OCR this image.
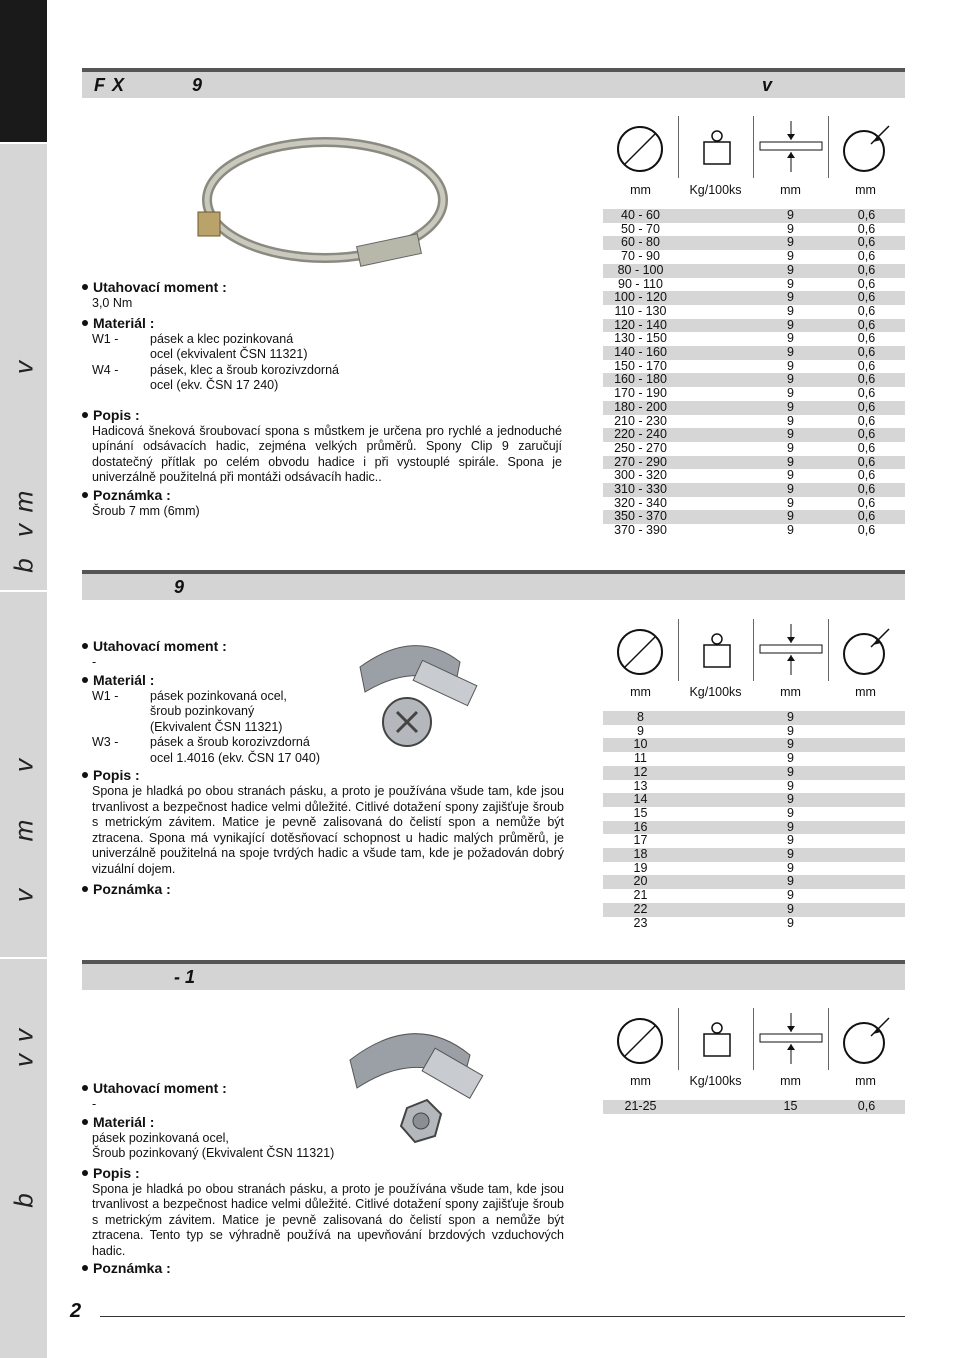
v
m
v
b
v
m
v
v
v
b
F X	9	v
Utahovací moment :
3,0 Nm
Materiál :
W1 -	pásek a klec pozinkovaná
ocel (ekvivalent ČSN 11321)
W4 -	pásek, klec a šroub korozivzdorná
ocel (ekv. ČSN 17 240)
Popis :
Hadicová šneková šroubovací spona s můstkem je určena pro rychlé a jednoduché upínání odsávacích hadic, zejména velkých průměrů. Spony Clip 9 zaručují dostatečný přítlak po celém obvodu hadice i při vystouplé spirále. Spona je univerzálně použitelná při montáži odsávacíh hadic..
Poznámka :
Šroub 7 mm (6mm)
mm	Kg/100ks	mm	mm
40 - 60		9	0,6
50 - 70		9	0,6
60 - 80		9	0,6
70 - 90		9	0,6
80 - 100		9	0,6
90 - 110		9	0,6
100 - 120		9	0,6
110 - 130		9	0,6
120 - 140		9	0,6
130 - 150		9	0,6
140 - 160		9	0,6
150 - 170		9	0,6
160 - 180		9	0,6
170 - 190		9	0,6
180 - 200		9	0,6
210 - 230		9	0,6
220 - 240		9	0,6
250 - 270		9	0,6
270 - 290		9	0,6
300 - 320		9	0,6
310 - 330		9	0,6
320 - 340		9	0,6
350 - 370		9	0,6
370 - 390		9	0,6
9
Utahovací moment :
-
Materiál :
W1 -	pásek pozinkovaná ocel,
šroub pozinkovaný
(Ekvivalent ČSN 11321)
W3 -	pásek a šroub korozivzdorná
ocel 1.4016 (ekv. ČSN 17 040)
Popis :
Spona je hladká po obou stranách pásku, a proto je používána všude tam, kde jsou trvanlivost a bezpečnost hadice velmi důležité. Citlivé dotažení spony zajišťuje šroub s metrickým závitem. Matice je pevně zalisovaná do čelistí spon a nemůže být ztracena. Spona má vynikající dotěsňovací schopnost u hadic malých průměrů, je univerzálně použitelná na spoje tvrdých hadic a všude tam, kde je požadován dobrý vizuální dojem.
Poznámka :
mm	Kg/100ks	mm	mm
8		9	
9		9	
10		9	
11		9	
12		9	
13		9	
14		9	
15		9	
16		9	
17		9	
18		9	
19		9	
20		9	
21		9	
22		9	
23		9	
- 1
Utahovací moment :
-
Materiál :
pásek pozinkovaná ocel,
Šroub pozinkovaný (Ekvivalent ČSN 11321)
Popis :
Spona je hladká po obou stranách pásku, a proto je používána všude tam, kde jsou trvanlivost a bezpečnost hadice velmi důležité. Citlivé dotažení spony zajišťuje šroub s metrickým závitem. Matice je pevně zalisovaná do čelistí spon a nemůže být ztracena. Tento typ se výhradně používá na upevňování brzdových vzduchových hadic.
Poznámka :
mm	Kg/100ks	mm	mm
21-25		15	0,6
2
